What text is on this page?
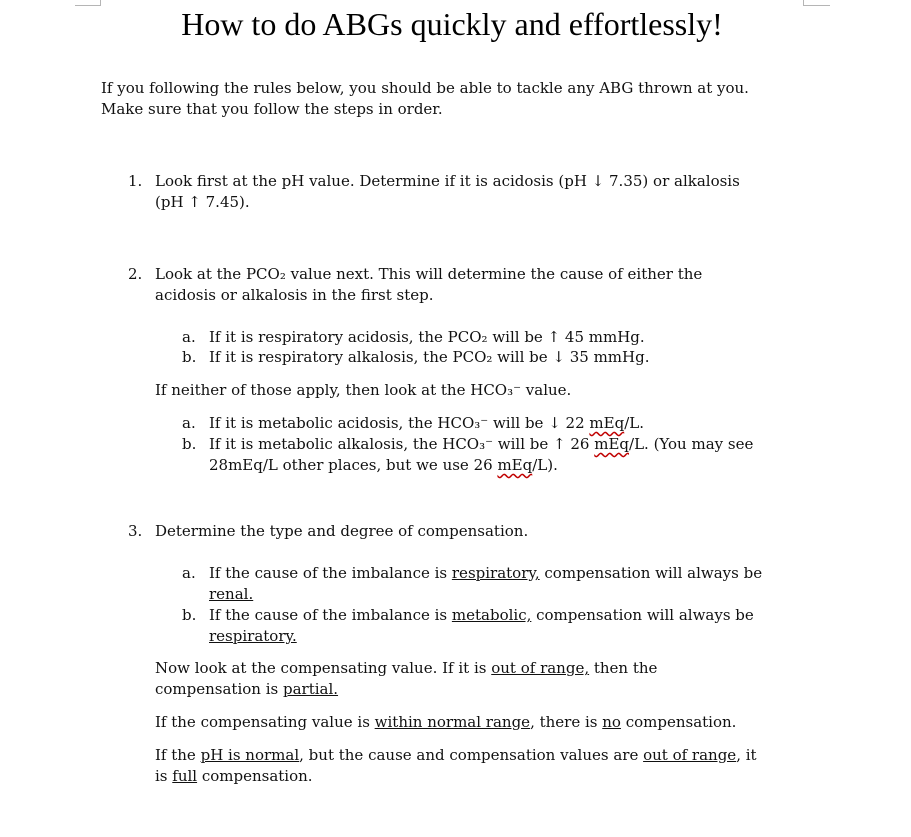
How to do ABGs quickly and effortlessly!
If you following the rules below, you should be able to tackle any ABG thrown at you.
Make sure that you follow the steps in order.
1. Look first at the pH value. Determine if it is acidosis (pH ↓ 7.35) or alkalosis
(pH ↑ 7.45).
2. Look at the PCO₂ value next. This will determine the cause of either the
acidosis or alkalosis in the first step.
a. If it is respiratory acidosis, the PCO₂ will be ↑ 45 mmHg.
b. If it is respiratory alkalosis, the PCO₂ will be ↓ 35 mmHg.
If neither of those apply, then look at the HCO₃⁻ value.
a. If it is metabolic acidosis, the HCO₃⁻ will be ↓ 22 mEq/L.
b. If it is metabolic alkalosis, the HCO₃⁻ will be ↑ 26 mEq/L. (You may see
28mEq/L other places, but we use 26 mEq/L).
3. Determine the type and degree of compensation.
a. If the cause of the imbalance is respiratory, compensation will always be
renal.
b. If the cause of the imbalance is metabolic, compensation will always be
respiratory.
Now look at the compensating value. If it is out of range, then the
compensation is partial.
If the compensating value is within normal range, there is no compensation.
If the pH is normal, but the cause and compensation values are out of range, it
is full compensation.
